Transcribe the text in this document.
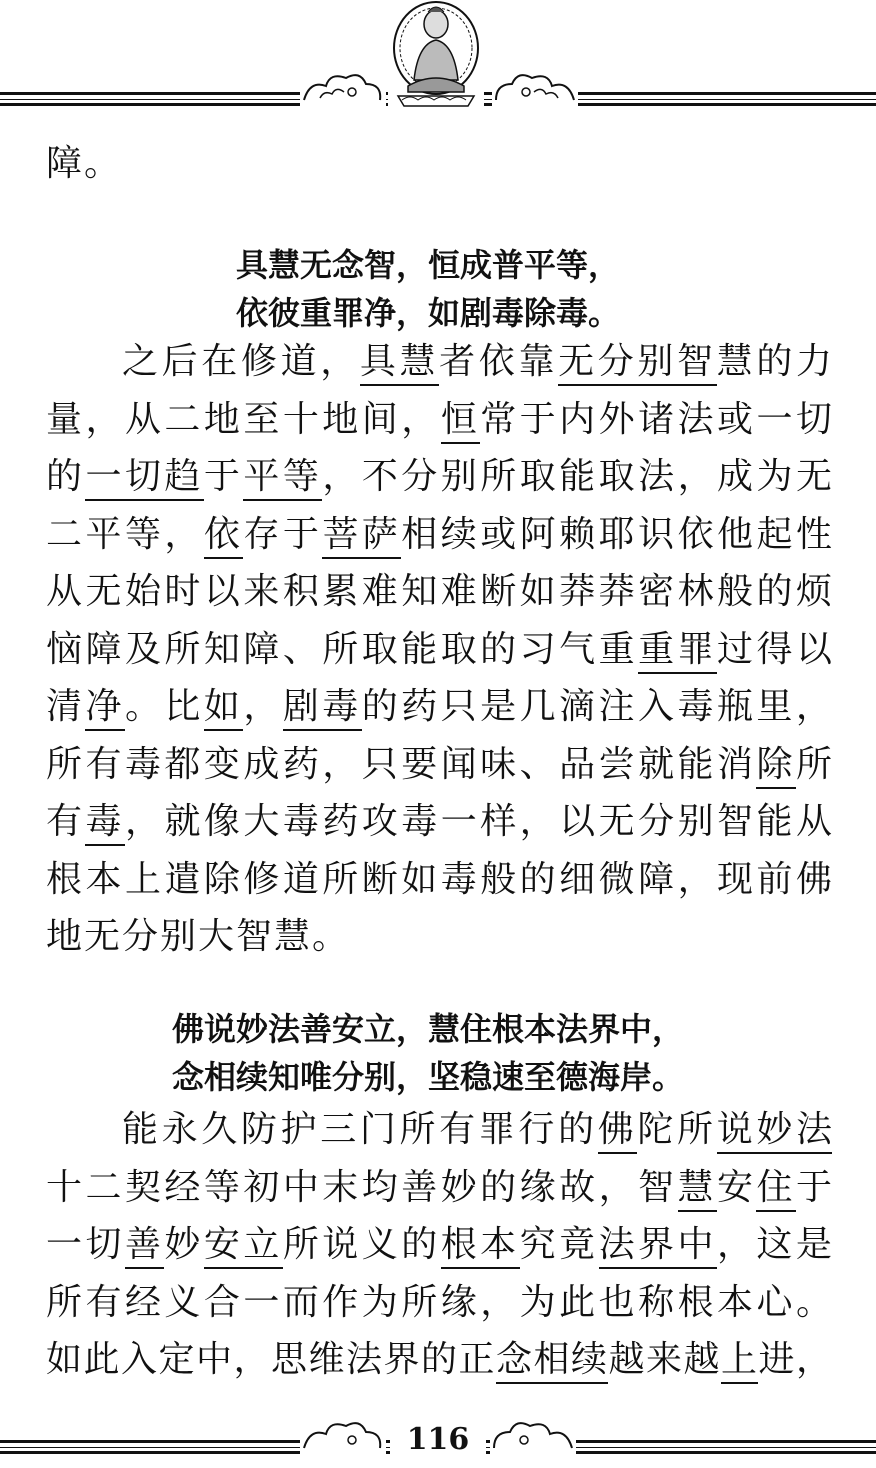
障。
具慧无念智，恒成普平等，
依彼重罪净，如剧毒除毒。
之后在修道，具慧者依靠无分别智慧的力
量，从二地至十地间，恒常于内外诸法或一切
的一切趋于平等，不分别所取能取法，成为无
二平等，依存于菩萨相续或阿赖耶识依他起性
从无始时以来积累难知难断如莽莽密林般的烦
恼障及所知障、所取能取的习气重重罪过得以
清净。比如，剧毒的药只是几滴注入毒瓶里，
所有毒都变成药，只要闻味、品尝就能消除所
有毒，就像大毒药攻毒一样，以无分别智能从
根本上遣除修道所断如毒般的细微障，现前佛
地无分别大智慧。
佛说妙法善安立，慧住根本法界中，
念相续知唯分别，坚稳速至德海岸。
能永久防护三门所有罪行的佛陀所说妙法
十二契经等初中末均善妙的缘故，智慧安住于
一切善妙安立所说义的根本究竟法界中，这是
所有经义合一而作为所缘，为此也称根本心。
如此入定中，思维法界的正念相续越来越上进，
116
